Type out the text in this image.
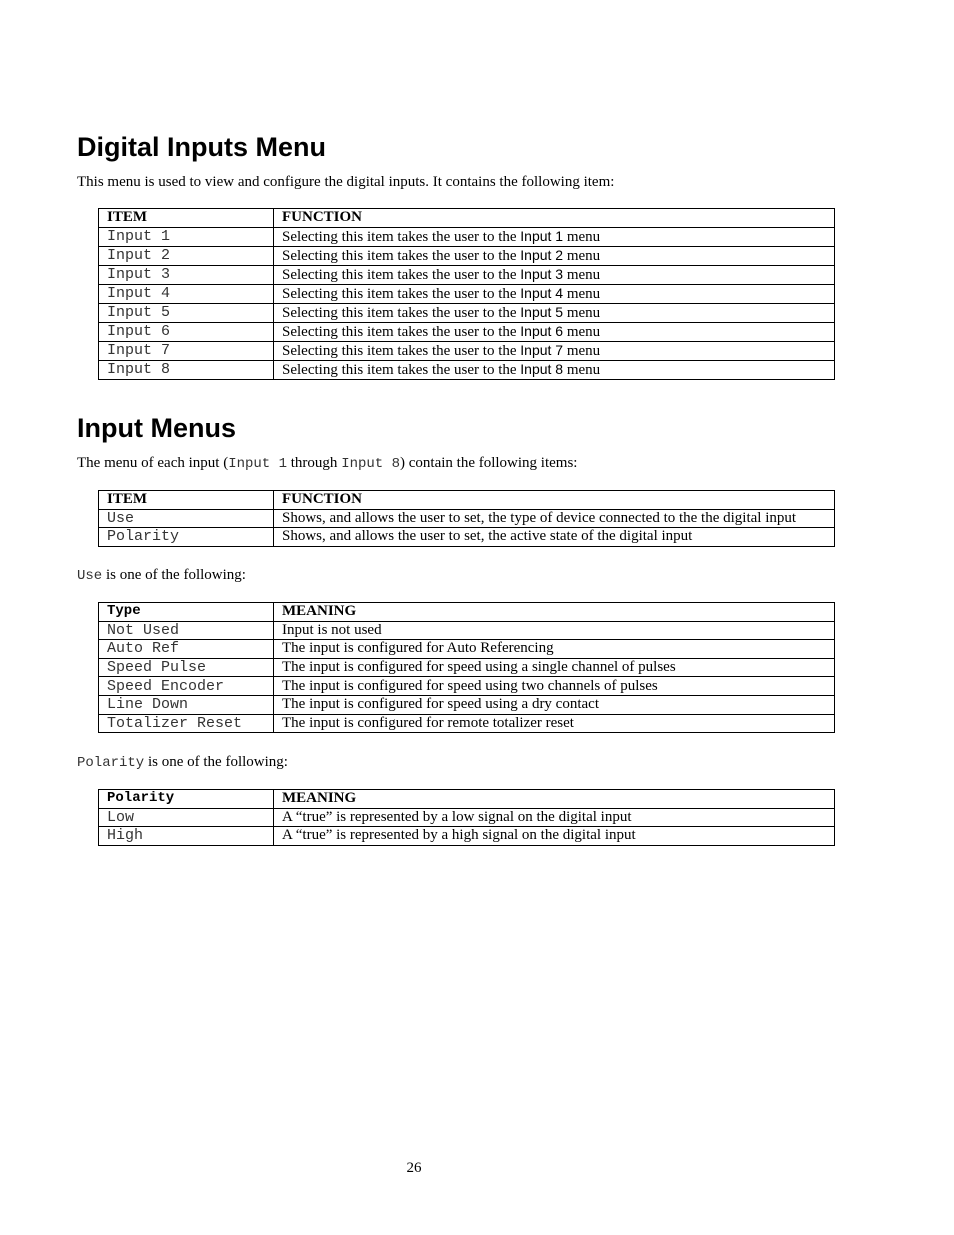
Digital Inputs Menu

This menu is used to view and configure the digital inputs. It contains the following item:

ITEM	FUNCTION
Input 1	Selecting this item takes the user to the Input 1 menu
Input 2	Selecting this item takes the user to the Input 2 menu
Input 3	Selecting this item takes the user to the Input 3 menu
Input 4	Selecting this item takes the user to the Input 4 menu
Input 5	Selecting this item takes the user to the Input 5 menu
Input 6	Selecting this item takes the user to the Input 6 menu
Input 7	Selecting this item takes the user to the Input 7 menu
Input 8	Selecting this item takes the user to the Input 8 menu
Input Menus

The menu of each input (Input 1 through Input 8) contain the following items:

ITEM	FUNCTION
Use	Shows, and allows the user to set, the type of device connected to the the digital input
Polarity	Shows, and allows the user to set, the active state of the digital input

Use is one of the following:

Type	MEANING
Not Used	Input is not used
Auto Ref	The input is configured for Auto Referencing
Speed Pulse	The input is configured for speed using a single channel of pulses
Speed Encoder	The input is configured for speed using two channels of pulses
Line Down	The input is configured for speed using a dry contact
Totalizer Reset	The input is configured for remote totalizer reset

Polarity is one of the following:

Polarity	MEANING
Low	A “true” is represented by a low signal on the digital input
High	A “true” is represented by a high signal on the digital input
26
